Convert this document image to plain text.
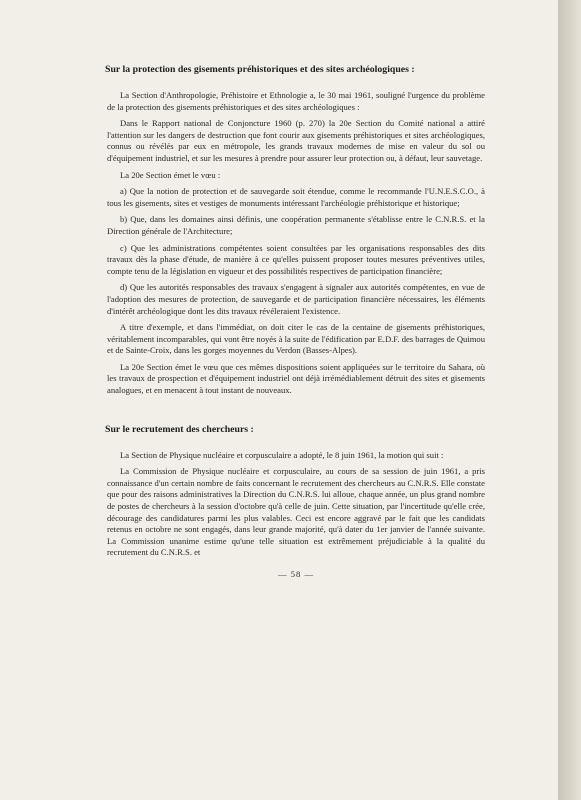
Sur la protection des gisements préhistoriques et des sites archéologiques :

La Section d'Anthropologie, Préhistoire et Ethnologie a, le 30 mai 1961, souligné l'urgence du problème de la protection des gisements préhistoriques et des sites archéologiques :

Dans le Rapport national de Conjoncture 1960 (p. 270) la 20e Section du Comité national a attiré l'attention sur les dangers de destruction que font courir aux gisements préhistoriques et sites archéologiques, connus ou révélés par eux en métropole, les grands travaux modernes de mise en valeur du sol ou d'équipement industriel, et sur les mesures à prendre pour assurer leur protection ou, à défaut, leur sauvetage.

La 20e Section émet le vœu :

a) Que la notion de protection et de sauvegarde soit étendue, comme le recommande l'U.N.E.S.C.O., à tous les gisements, sites et vestiges de monuments intéressant l'archéologie préhistorique et historique;

b) Que, dans les domaines ainsi définis, une coopération permanente s'établisse entre le C.N.R.S. et la Direction générale de l'Architecture;

c) Que les administrations compétentes soient consultées par les organisations responsables des dits travaux dès la phase d'étude, de manière à ce qu'elles puissent proposer toutes mesures préventives utiles, compte tenu de la législation en vigueur et des possibilités respectives de participation financière;

d) Que les autorités responsables des travaux s'engagent à signaler aux autorités compétentes, en vue de l'adoption des mesures de protection, de sauvegarde et de participation financière nécessaires, les éléments d'intérêt archéologique dont les dits travaux révéleraient l'existence.

A titre d'exemple, et dans l'immédiat, on doit citer le cas de la centaine de gisements préhistoriques, véritablement incomparables, qui vont être noyés à la suite de l'édification par E.D.F. des barrages de Quimou et de Sainte-Croix, dans les gorges moyennes du Verdon (Basses-Alpes).

La 20e Section émet le vœu que ces mêmes dispositions soient appliquées sur le territoire du Sahara, où les travaux de prospection et d'équipement industriel ont déjà irrémédiablement détruit des sites et gisements analogues, et en menacent à tout instant de nouveaux.

Sur le recrutement des chercheurs :

La Section de Physique nucléaire et corpusculaire a adopté, le 8 juin 1961, la motion qui suit :

La Commission de Physique nucléaire et corpusculaire, au cours de sa session de juin 1961, a pris connaissance d'un certain nombre de faits concernant le recrutement des chercheurs au C.N.R.S. Elle constate que pour des raisons administratives la Direction du C.N.R.S. lui alloue, chaque année, un plus grand nombre de postes de chercheurs à la session d'octobre qu'à celle de juin. Cette situation, par l'incertitude qu'elle crée, décourage des candidatures parmi les plus valables. Ceci est encore aggravé par le fait que les candidats retenus en octobre ne sont engagés, dans leur grande majorité, qu'à dater du 1er janvier de l'année suivante. La Commission unanime estime qu'une telle situation est extrêmement préjudiciable à la qualité du recrutement du C.N.R.S. et

— 58 —
